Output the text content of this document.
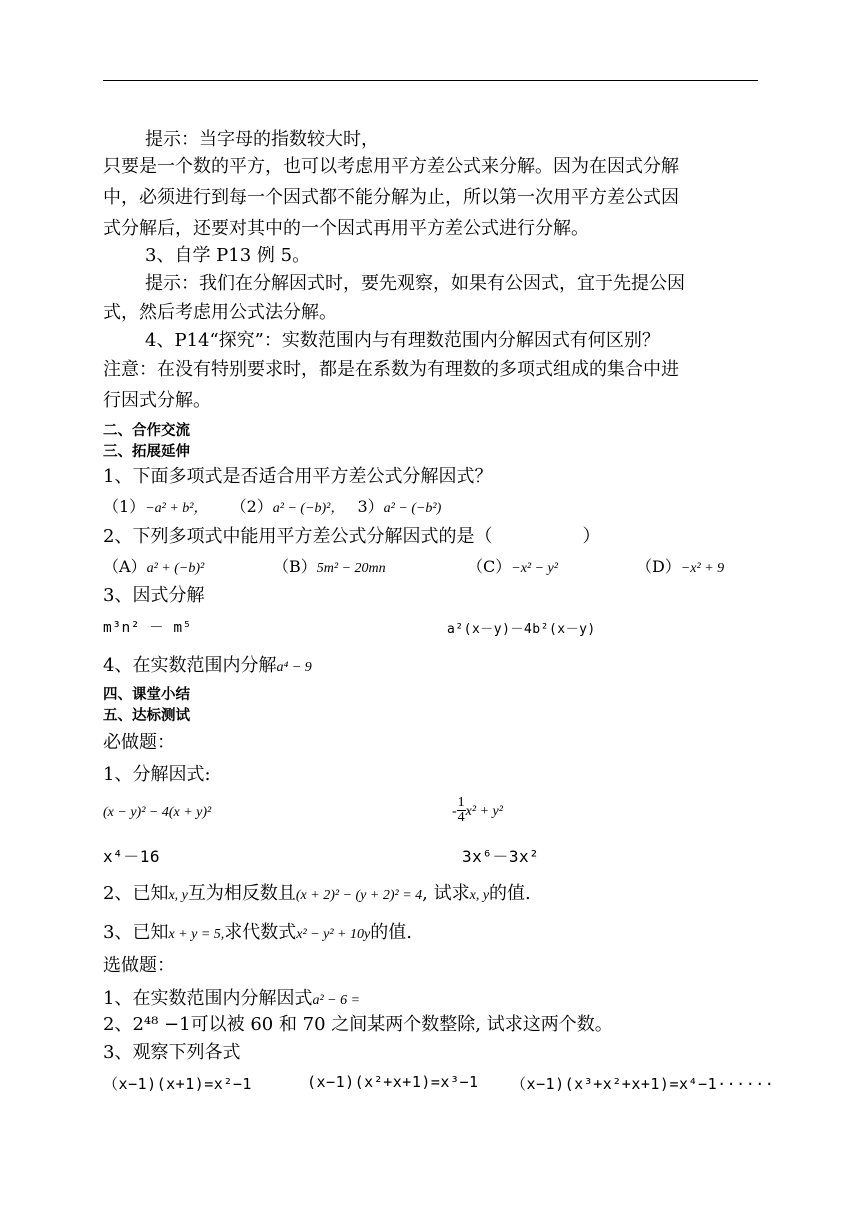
提示：当字母的指数较大时，
只要是一个数的平方，也可以考虑用平方差公式来分解。因为在因式分解
中，必须进行到每一个因式都不能分解为止，所以第一次用平方差公式因
式分解后，还要对其中的一个因式再用平方差公式进行分解。
3、自学 P13 例 5。
提示：我们在分解因式时，要先观察，如果有公因式，宜于先提公因
式，然后考虑用公式法分解。
4、P14“探究”：实数范围内与有理数范围内分解因式有何区别？
注意：在没有特别要求时，都是在系数为有理数的多项式组成的集合中进
行因式分解。
二、合作交流
三、拓展延伸
1、下面多项式是否适合用平方差公式分解因式？
（1）−a² + b²， （2）a² − (−b)²， 3）a² − (−b²)
2、下列多项式中能用平方差公式分解因式的是（　　　　　）
（A）a² + (−b)²	（B）5m² − 20mn	（C）−x² − y²	（D）−x² + 9
3、因式分解
m³n² － m⁵	a²(x－y)－4b²(x－y)
4、在实数范围内分解a⁴ − 9
四、课堂小结
五、达标测试
必做题：
1、分解因式:
(x − y)² − 4(x + y)²	- $\frac{1}{4} x^2 + y^2$
x⁴－16	3x⁶－3x²
2、已知x, y互为相反数且(x + 2)² − (y + 2)² = 4, 试求x, y的值.
3、已知x + y = 5,求代数式x² − y² + 10y的值.
选做题：
1、在实数范围内分解因式a² − 6 =
2、2⁴⁸ −1可以被 60 和 70 之间某两个数整除, 试求这两个数。
3、观察下列各式
（x−1)(x+1)=x²−1	(x−1)(x²+x+1)=x³−1 （x−1)(x³+x²+x+1)=x⁴−1······
